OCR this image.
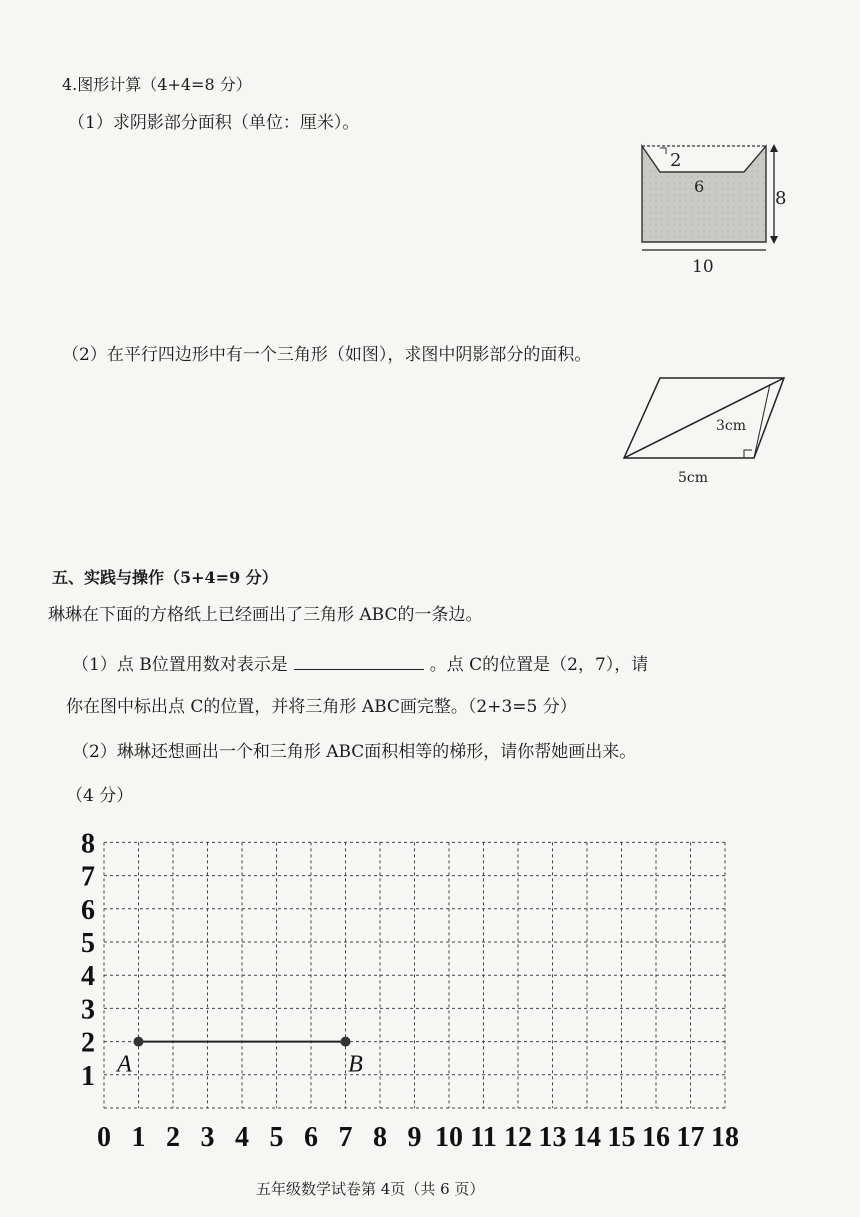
4.图形计算（4+4=8 分）
（1）求阴影部分面积（单位：厘米）。
2
6
8
10
（2）在平行四边形中有一个三角形（如图），求图中阴影部分的面积。
3cm
5cm
五、实践与操作（5+4=9 分）
琳琳在下面的方格纸上已经画出了三角形 ABC的一条边。
（1）点 B位置用数对表示是	。点 C的位置是（2，7），请
你在图中标出点 C的位置，并将三角形 ABC画完整。（2+3=5 分）
（2）琳琳还想画出一个和三角形 ABC面积相等的梯形，请你帮她画出来。
（4 分）
0 1 2 3 4 5 6 7 8 9 10 11 12 13 14 15 16 17 18
1
2
3
4
5
6
7
8
A	B
五年级数学试卷第 4页（共 6 页）
